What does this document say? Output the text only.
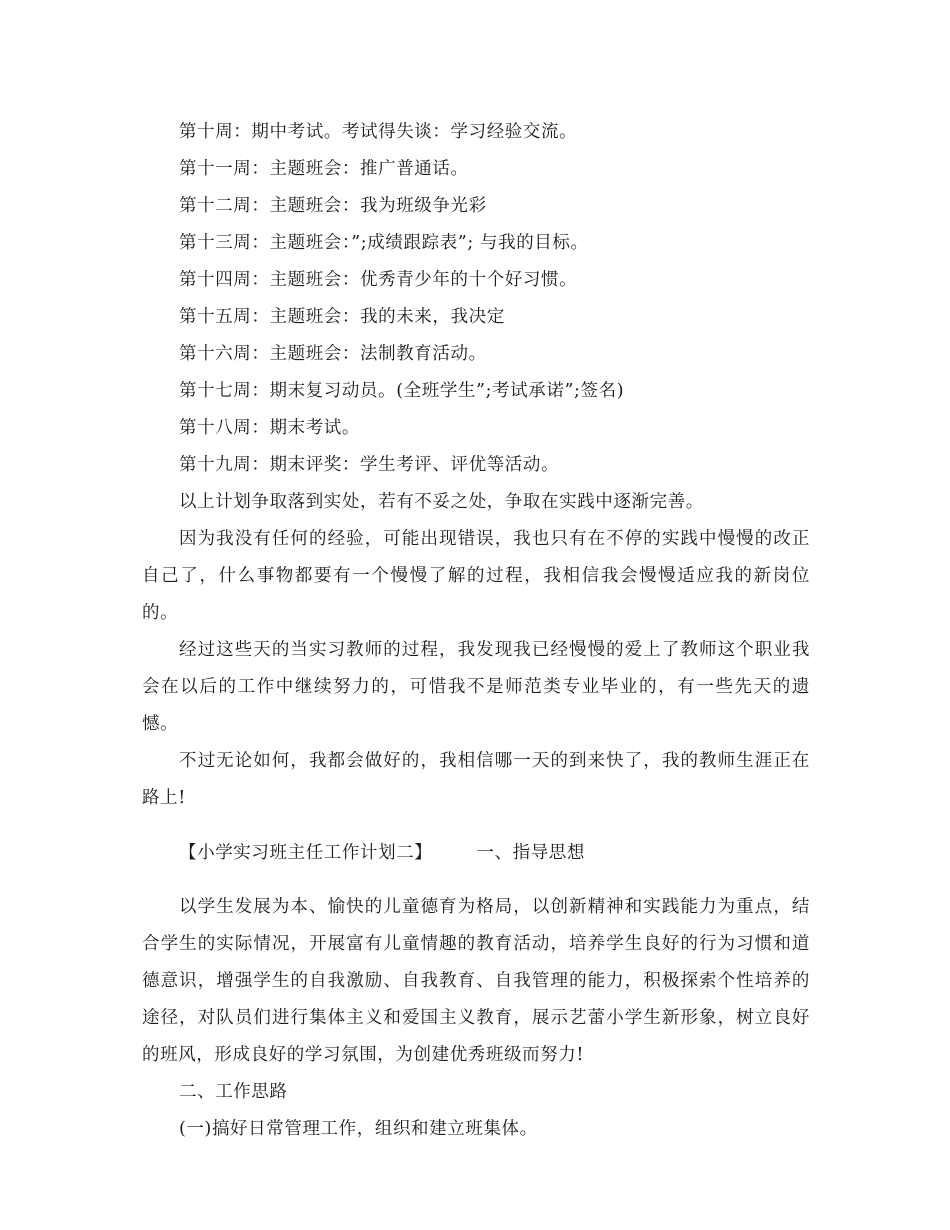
第十周：期中考试。考试得失谈：学习经验交流。

第十一周：主题班会：推广普通话。

第十二周：主题班会：我为班级争光彩

第十三周：主题班会：”;成绩跟踪表”; 与我的目标。

第十四周：主题班会：优秀青少年的十个好习惯。

第十五周：主题班会：我的未来，我决定

第十六周：主题班会：法制教育活动。

第十七周：期末复习动员。(全班学生”;考试承诺”;签名)

第十八周：期末考试。

第十九周：期末评奖：学生考评、评优等活动。

以上计划争取落到实处，若有不妥之处，争取在实践中逐渐完善。

因为我没有任何的经验，可能出现错误，我也只有在不停的实践中慢慢的改正自己了，什么事物都要有一个慢慢了解的过程，我相信我会慢慢适应我的新岗位的。

经过这些天的当实习教师的过程，我发现我已经慢慢的爱上了教师这个职业我会在以后的工作中继续努力的，可惜我不是师范类专业毕业的，有一些先天的遗憾。

不过无论如何，我都会做好的，我相信哪一天的到来快了，我的教师生涯正在路上!

【小学实习班主任工作计划二】	一、指导思想

以学生发展为本、愉快的儿童德育为格局，以创新精神和实践能力为重点，结合学生的实际情况，开展富有儿童情趣的教育活动，培养学生良好的行为习惯和道德意识，增强学生的自我激励、自我教育、自我管理的能力，积极探索个性培养的途径，对队员们进行集体主义和爱国主义教育，展示艺蕾小学生新形象，树立良好的班风，形成良好的学习氛围，为创建优秀班级而努力!

二、工作思路

(一)搞好日常管理工作，组织和建立班集体。
